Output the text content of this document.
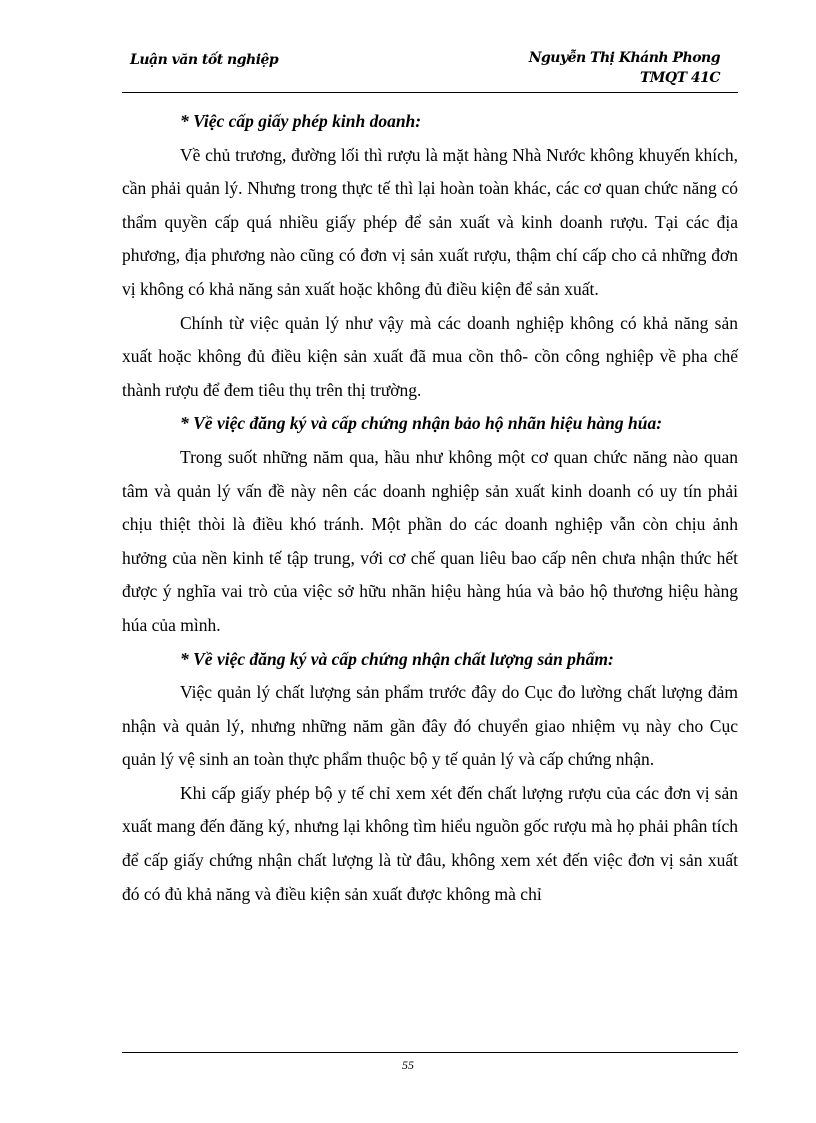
Luận văn tốt nghiệp	Nguyễn Thị Khánh Phong
TMQT 41C

* Việc cấp giấy phép kinh doanh:

Về chủ trương, đường lối thì rượu là mặt hàng Nhà Nước không khuyến khích, cần phải quản lý. Nhưng trong thực tế thì lại hoàn toàn khác, các cơ quan chức năng có thẩm quyền cấp quá nhiều giấy phép để sản xuất và kinh doanh rượu. Tại các địa phương, địa phương nào cũng có đơn vị sản xuất rượu, thậm chí cấp cho cả những đơn vị không có khả năng sản xuất hoặc không đủ điều kiện để sản xuất.

Chính từ việc quản lý như vậy mà các doanh nghiệp không có khả năng sản xuất hoặc không đủ điều kiện sản xuất đã mua cồn thô- cồn công nghiệp về pha chế thành rượu để đem tiêu thụ trên thị trường.

* Về việc đăng ký và cấp chứng nhận bảo hộ nhãn hiệu hàng húa:

Trong suốt những năm qua, hầu như không một cơ quan chức năng nào quan tâm và quản lý vấn đề này nên các doanh nghiệp sản xuất kinh doanh có uy tín phải chịu thiệt thòi là điều khó tránh. Một phần do các doanh nghiệp vẫn còn chịu ảnh hưởng của nền kinh tế tập trung, với cơ chế quan liêu bao cấp nên chưa nhận thức hết được ý nghĩa vai trò của việc sở hữu nhãn hiệu hàng húa và bảo hộ thương hiệu hàng húa của mình.

* Về việc đăng ký và cấp chứng nhận chất lượng sản phẩm:

Việc quản lý chất lượng sản phẩm trước đây do Cục đo lường chất lượng đảm nhận và quản lý, nhưng những năm gần đây đó chuyển giao nhiệm vụ này cho Cục quản lý vệ sinh an toàn thực phẩm thuộc bộ y tế quản lý và cấp chứng nhận.

Khi cấp giấy phép bộ y tế chỉ xem xét đến chất lượng rượu của các đơn vị sản xuất mang đến đăng ký, nhưng lại không tìm hiểu nguồn gốc rượu mà họ phải phân tích để cấp giấy chứng nhận chất lượng là từ đâu, không xem xét đến việc đơn vị sản xuất đó có đủ khả năng và điều kiện sản xuất được không mà chỉ

55
